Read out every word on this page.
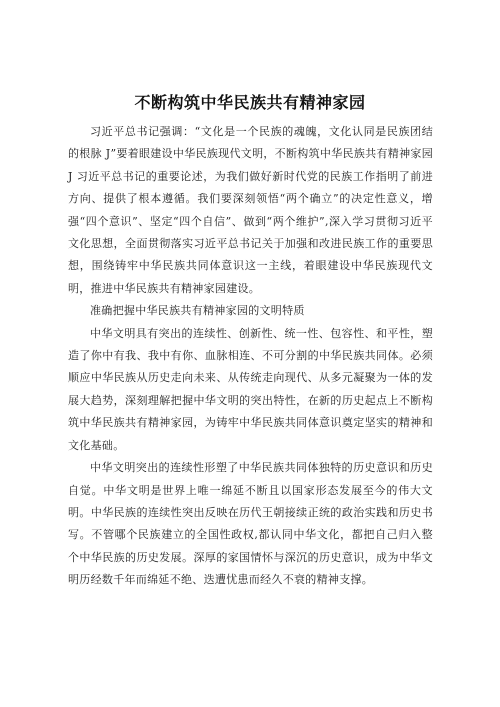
不断构筑中华民族共有精神家园

习近平总书记强调：“文化是一个民族的魂魄，文化认同是民族团结的根脉 J”要着眼建设中华民族现代文明，不断构筑中华民族共有精神家园 J 习近平总书记的重要论述，为我们做好新时代党的民族工作指明了前进方向、提供了根本遵循。我们要深刻领悟“两个确立”的决定性意义，增强“四个意识”、坚定“四个自信”、做到“两个维护”,深入学习贯彻习近平文化思想，全面贯彻落实习近平总书记关于加强和改进民族工作的重要思想，围绕铸牢中华民族共同体意识这一主线，着眼建设中华民族现代文明，推进中华民族共有精神家园建设。

准确把握中华民族共有精神家园的文明特质

中华文明具有突出的连续性、创新性、统一性、包容性、和平性，塑造了你中有我、我中有你、血脉相连、不可分割的中华民族共同体。必须顺应中华民族从历史走向未来、从传统走向现代、从多元凝聚为一体的发展大趋势，深刻理解把握中华文明的突出特性，在新的历史起点上不断构筑中华民族共有精神家园，为铸牢中华民族共同体意识奠定坚实的精神和文化基础。

中华文明突出的连续性形塑了中华民族共同体独特的历史意识和历史自觉。中华文明是世界上唯一绵延不断且以国家形态发展至今的伟大文明。中华民族的连续性突出反映在历代王朝接续正统的政治实践和历史书写。不管哪个民族建立的全国性政权,都认同中华文化，都把自己归入整个中华民族的历史发展。深厚的家国情怀与深沉的历史意识，成为中华文明历经数千年而绵延不绝、迭遭忧患而经久不衰的精神支撑。
